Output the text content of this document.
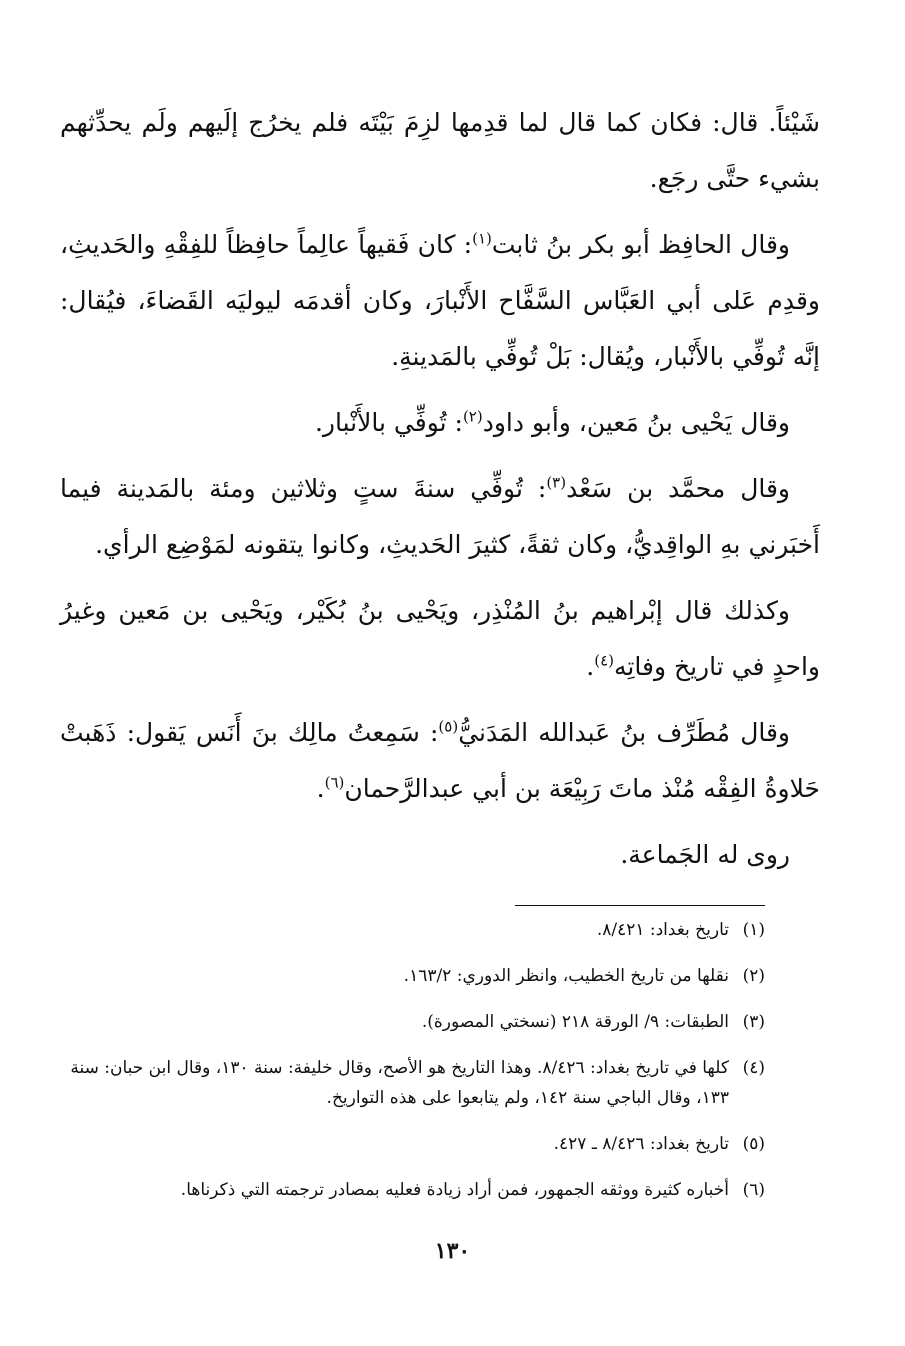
شَيْئاً. قال: فكان كما قال لما قدِمها لزِمَ بَيْتَه فلم يخرُج إلَيهم ولَم يحدِّثهم بشيء حتَّى رجَع.

وقال الحافِظ أبو بكر بنُ ثابت$^{(١)}$: كان فَقيهاً عالِماً حافِظاً للفِقْهِ والحَديثِ، وقدِم عَلى أبي العَبَّاس السَّفَّاح الأَنْبارَ، وكان أقدمَه ليوليَه القَضاءَ، فيُقال: إنَّه تُوفِّي بالأَنْبار، ويُقال: بَلْ تُوفِّي بالمَدينةِ.

وقال يَحْيى بنُ مَعين، وأبو داود$^{(٢)}$: تُوفِّي بالأَنْبار.

وقال محمَّد بن سَعْد$^{(٣)}$: تُوفِّي سنةَ ستٍ وثلاثين ومئة بالمَدينة فيما أَخبَرني بهِ الواقِديُّ، وكان ثقةً، كثيرَ الحَديثِ، وكانوا يتقونه لمَوْضِع الرأي.

وكذلك قال إبْراهيم بنُ المُنْذِر، ويَحْيى بنُ بُكَيْر، ويَحْيى بن مَعين وغيرُ واحدٍ في تاريخ وفاتِه$^{(٤)}$.

وقال مُطَرِّف بنُ عَبدالله المَدَنيُّ$^{(٥)}$: سَمِعتُ مالِك بنَ أَنَس يَقول: ذَهَبتْ حَلاوةُ الفِقْه مُنْذ ماتَ رَبِيْعَة بن أبي عبدالرَّحمان$^{(٦)}$.

روى له الجَماعة.

(١)
تاريخ بغداد: ٨/٤٢١.
(٢)
نقلها من تاريخ الخطيب، وانظر الدوري: ١٦٣/٢.
(٣)
الطبقات: ٩/ الورقة ٢١٨ (نسختي المصورة).
(٤)
كلها في تاريخ بغداد: ٨/٤٢٦. وهذا التاريخ هو الأصح، وقال خليفة: سنة ١٣٠، وقال ابن حبان: سنة ١٣٣، وقال الباجي سنة ١٤٢، ولم يتابعوا على هذه التواريخ.
(٥)
تاريخ بغداد: ٨/٤٢٦ ـ ٤٢٧.
(٦)
أخباره كثيرة ووثقه الجمهور، فمن أراد زيادة فعليه بمصادر ترجمته التي ذكرناها.
١٣٠
